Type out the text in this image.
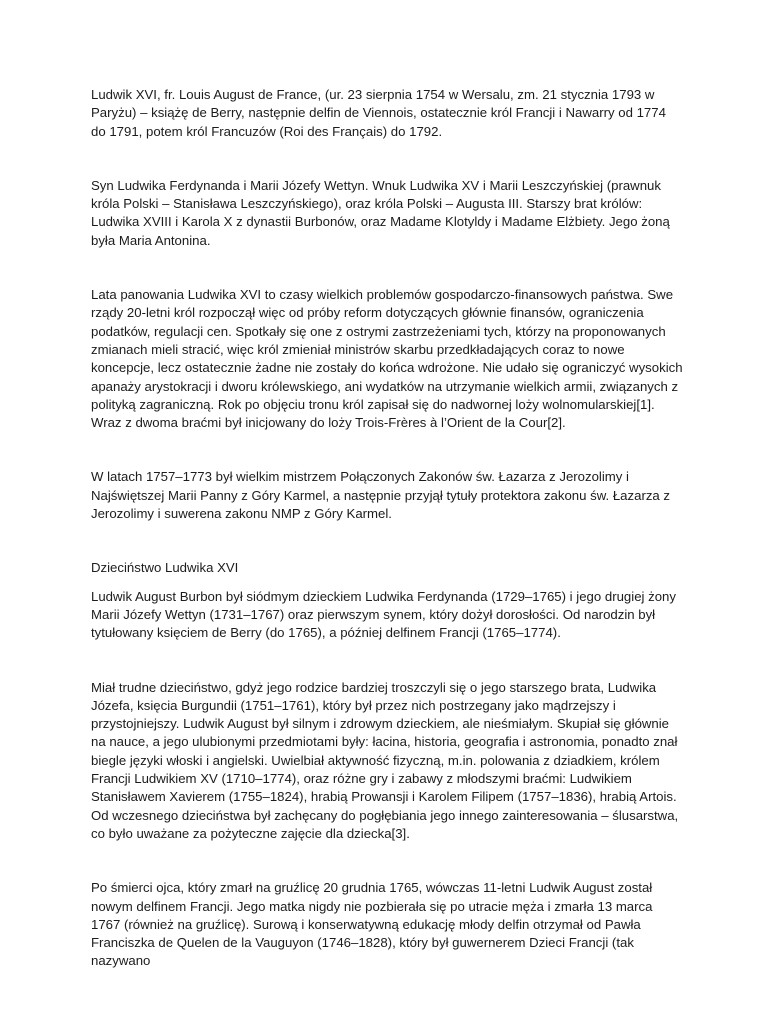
Ludwik XVI, fr. Louis August de France, (ur. 23 sierpnia 1754 w Wersalu, zm. 21 stycznia 1793 w Paryżu) – książę de Berry, następnie delfin de Viennois, ostatecznie król Francji i Nawarry od 1774 do 1791, potem król Francuzów (Roi des Français) do 1792.

Syn Ludwika Ferdynanda i Marii Józefy Wettyn. Wnuk Ludwika XV i Marii Leszczyńskiej (prawnuk króla Polski – Stanisława Leszczyńskiego), oraz króla Polski – Augusta III. Starszy brat królów: Ludwika XVIII i Karola X z dynastii Burbonów, oraz Madame Klotyldy i Madame Elżbiety. Jego żoną była Maria Antonina.

Lata panowania Ludwika XVI to czasy wielkich problemów gospodarczo-finansowych państwa. Swe rządy 20-letni król rozpoczął więc od próby reform dotyczących głównie finansów, ograniczenia podatków, regulacji cen. Spotkały się one z ostrymi zastrzeżeniami tych, którzy na proponowanych zmianach mieli stracić, więc król zmieniał ministrów skarbu przedkładających coraz to nowe koncepcje, lecz ostatecznie żadne nie zostały do końca wdrożone. Nie udało się ograniczyć wysokich apanaży arystokracji i dworu królewskiego, ani wydatków na utrzymanie wielkich armii, związanych z polityką zagraniczną. Rok po objęciu tronu król zapisał się do nadwornej loży wolnomularskiej[1]. Wraz z dwoma braćmi był inicjowany do loży Trois-Frères à l’Orient de la Cour[2].

W latach 1757–1773 był wielkim mistrzem Połączonych Zakonów św. Łazarza z Jerozolimy i Najświętszej Marii Panny z Góry Karmel, a następnie przyjął tytuły protektora zakonu św. Łazarza z Jerozolimy i suwerena zakonu NMP z Góry Karmel.

Dzieciństwo Ludwika XVI

Ludwik August Burbon był siódmym dzieckiem Ludwika Ferdynanda (1729–1765) i jego drugiej żony Marii Józefy Wettyn (1731–1767) oraz pierwszym synem, który dożył dorosłości. Od narodzin był tytułowany księciem de Berry (do 1765), a później delfinem Francji (1765–1774).

Miał trudne dzieciństwo, gdyż jego rodzice bardziej troszczyli się o jego starszego brata, Ludwika Józefa, księcia Burgundii (1751–1761), który był przez nich postrzegany jako mądrzejszy i przystojniejszy. Ludwik August był silnym i zdrowym dzieckiem, ale nieśmiałym. Skupiał się głównie na nauce, a jego ulubionymi przedmiotami były: łacina, historia, geografia i astronomia, ponadto znał biegle języki włoski i angielski. Uwielbiał aktywność fizyczną, m.in. polowania z dziadkiem, królem Francji Ludwikiem XV (1710–1774), oraz różne gry i zabawy z młodszymi braćmi: Ludwikiem Stanisławem Xavierem (1755–1824), hrabią Prowansji i Karolem Filipem (1757–1836), hrabią Artois. Od wczesnego dzieciństwa był zachęcany do pogłębiania jego innego zainteresowania – ślusarstwa, co było uważane za pożyteczne zajęcie dla dziecka[3].

Po śmierci ojca, który zmarł na gruźlicę 20 grudnia 1765, wówczas 11-letni Ludwik August został nowym delfinem Francji. Jego matka nigdy nie pozbierała się po utracie męża i zmarła 13 marca 1767 (również na gruźlicę). Surową i konserwatywną edukację młody delfin otrzymał od Pawła Franciszka de Quelen de la Vauguyon (1746–1828), który był guwernerem Dzieci Francji (tak nazywano
